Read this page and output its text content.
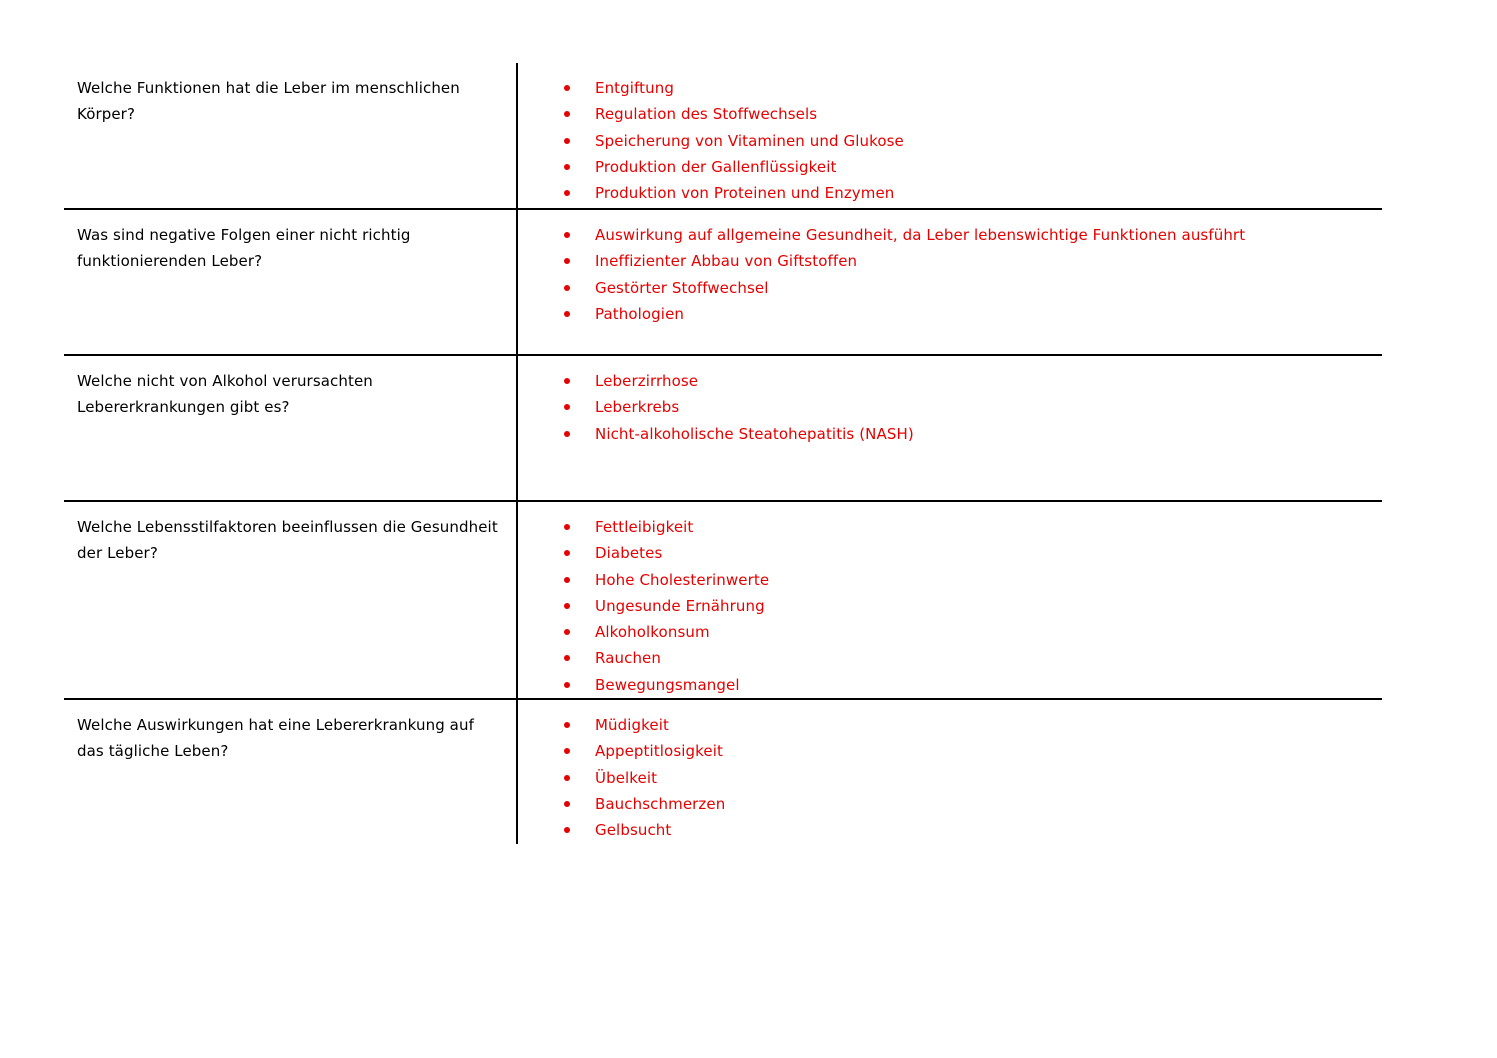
Welche Funktionen hat die Leber im menschlichen Körper?
Entgiftung
Regulation des Stoffwechsels
Speicherung von Vitaminen und Glukose
Produktion der Gallenflüssigkeit
Produktion von Proteinen und Enzymen
Was sind negative Folgen einer nicht richtig funktionierenden Leber?
Auswirkung auf allgemeine Gesundheit, da Leber lebenswichtige Funktionen ausführt
Ineffizienter Abbau von Giftstoffen
Gestörter Stoffwechsel
Pathologien
Welche nicht von Alkohol verursachten Lebererkrankungen gibt es?
Leberzirrhose
Leberkrebs
Nicht-alkoholische Steatohepatitis (NASH)
Welche Lebensstilfaktoren beeinflussen die Gesundheit der Leber?
Fettleibigkeit
Diabetes
Hohe Cholesterinwerte
Ungesunde Ernährung
Alkoholkonsum
Rauchen
Bewegungsmangel
Welche Auswirkungen hat eine Lebererkrankung auf das tägliche Leben?
Müdigkeit
Appeptitlosigkeit
Übelkeit
Bauchschmerzen
Gelbsucht
